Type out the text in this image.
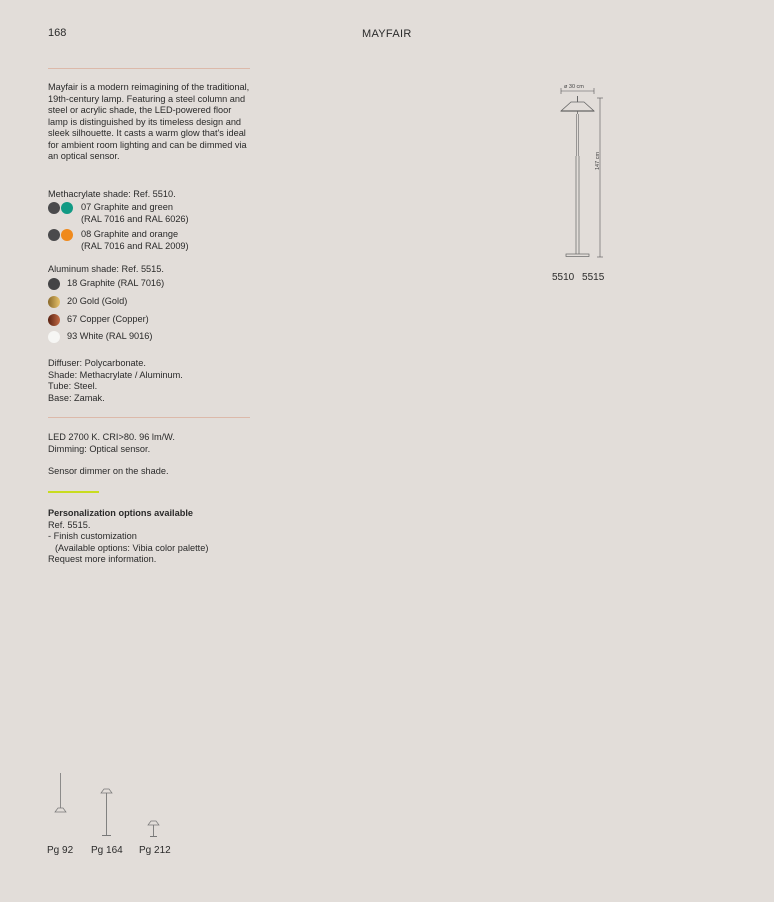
168	MAYFAIR
Mayfair is a modern reimagining of the traditional, 19th-century lamp. Featuring a steel column and steel or acrylic shade, the LED-powered floor lamp is distinguished by its timeless design and sleek silhouette. It casts a warm glow that's ideal for ambient room lighting and can be dimmed via an optical sensor.
Methacrylate shade: Ref. 5510.
07 Graphite and green
(RAL 7016 and RAL 6026)
08 Graphite and orange
(RAL 7016 and RAL 2009)
Aluminum shade: Ref. 5515.
18 Graphite (RAL 7016)
20 Gold (Gold)
67 Copper (Copper)
93 White (RAL 9016)
Diffuser: Polycarbonate.
Shade: Methacrylate / Aluminum.
Tube: Steel.
Base: Zamak.
LED 2700 K. CRI>80. 96 lm/W.
Dimming: Optical sensor.
Sensor dimmer on the shade.
Personalization options available
Ref. 5515.
- Finish customization
(Available options: Vibia color palette)
Request more information.
ø 30 cm
147 cm
5510 5515
Pg 92 Pg 164 Pg 212
